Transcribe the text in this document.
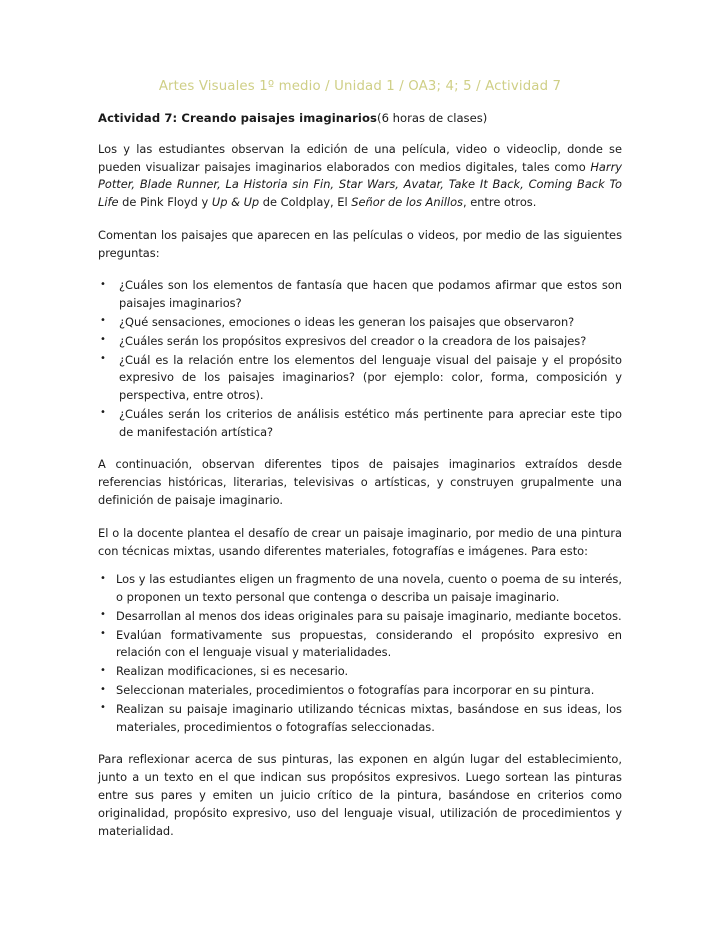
Artes Visuales 1º medio / Unidad 1 / OA3; 4; 5 / Actividad 7
Actividad 7: Creando paisajes imaginarios(6 horas de clases)

Los y las estudiantes observan la edición de una película, video o videoclip, donde se pueden visualizar paisajes imaginarios elaborados con medios digitales, tales como Harry Potter, Blade Runner, La Historia sin Fin, Star Wars, Avatar, Take It Back, Coming Back To Life de Pink Floyd y Up & Up de Coldplay, El Señor de los Anillos, entre otros.

Comentan los paisajes que aparecen en las películas o videos, por medio de las siguientes preguntas:

• ¿Cuáles son los elementos de fantasía que hacen que podamos afirmar que estos son paisajes imaginarios?
• ¿Qué sensaciones, emociones o ideas les generan los paisajes que observaron?
• ¿Cuáles serán los propósitos expresivos del creador o la creadora de los paisajes?
• ¿Cuál es la relación entre los elementos del lenguaje visual del paisaje y el propósito expresivo de los paisajes imaginarios? (por ejemplo: color, forma, composición y perspectiva, entre otros).
• ¿Cuáles serán los criterios de análisis estético más pertinente para apreciar este tipo de manifestación artística?

A continuación, observan diferentes tipos de paisajes imaginarios extraídos desde referencias históricas, literarias, televisivas o artísticas, y construyen grupalmente una definición de paisaje imaginario.

El o la docente plantea el desafío de crear un paisaje imaginario, por medio de una pintura con técnicas mixtas, usando diferentes materiales, fotografías e imágenes. Para esto:

• Los y las estudiantes eligen un fragmento de una novela, cuento o poema de su interés, o proponen un texto personal que contenga o describa un paisaje imaginario.
• Desarrollan al menos dos ideas originales para su paisaje imaginario, mediante bocetos.
• Evalúan formativamente sus propuestas, considerando el propósito expresivo en relación con el lenguaje visual y materialidades.
• Realizan modificaciones, si es necesario.
• Seleccionan materiales, procedimientos o fotografías para incorporar en su pintura.
• Realizan su paisaje imaginario utilizando técnicas mixtas, basándose en sus ideas, los materiales, procedimientos o fotografías seleccionadas.

Para reflexionar acerca de sus pinturas, las exponen en algún lugar del establecimiento, junto a un texto en el que indican sus propósitos expresivos. Luego sortean las pinturas entre sus pares y emiten un juicio crítico de la pintura, basándose en criterios como originalidad, propósito expresivo, uso del lenguaje visual, utilización de procedimientos y materialidad.
